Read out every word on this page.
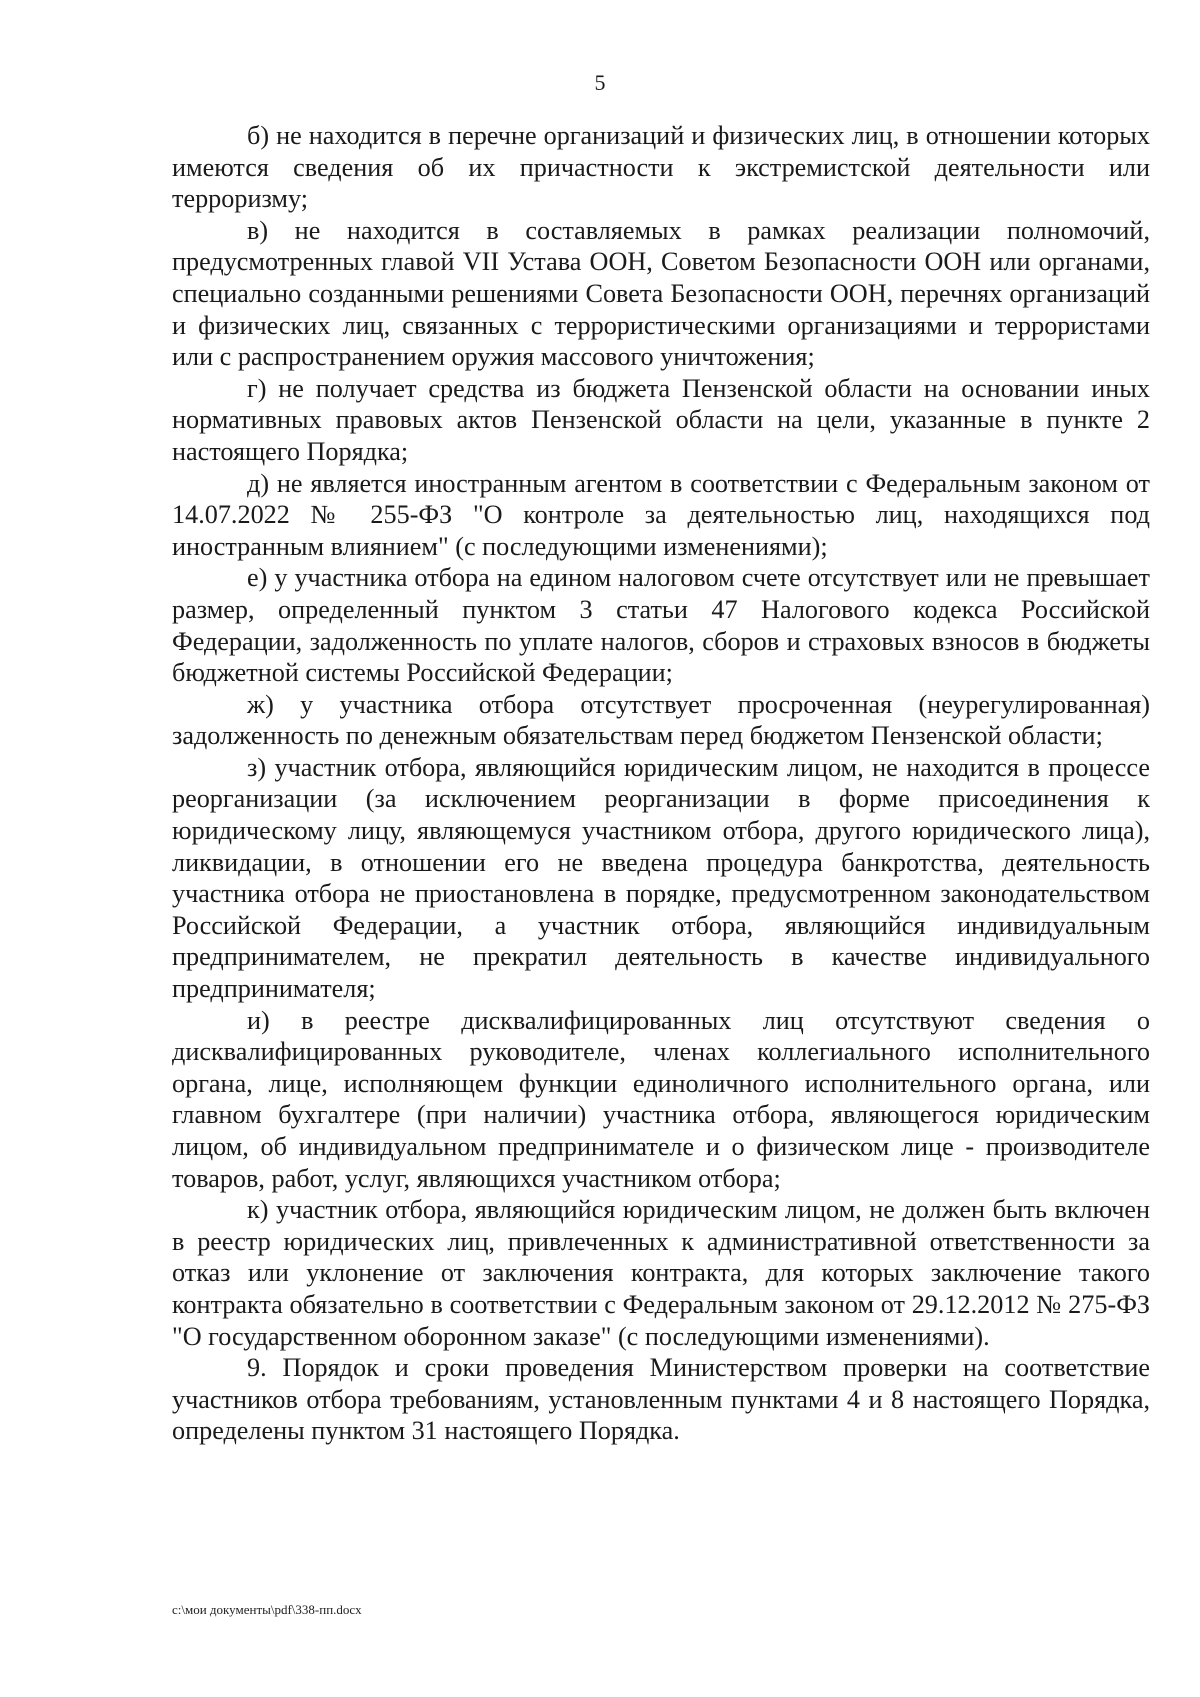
5

б) не находится в перечне организаций и физических лиц, в отношении которых имеются сведения об их причастности к экстремистской деятельности или терроризму;

в) не находится в составляемых в рамках реализации полномочий, предусмотренных главой VII Устава ООН, Советом Безопасности ООН или органами, специально созданными решениями Совета Безопасности ООН, перечнях организаций и физических лиц, связанных с террористическими организациями и террористами или с распространением оружия массового уничтожения;

г) не получает средства из бюджета Пензенской области на основании иных нормативных правовых актов Пензенской области на цели, указанные в пункте 2 настоящего Порядка;

д) не является иностранным агентом в соответствии с Федеральным законом от 14.07.2022 № 255-ФЗ "О контроле за деятельностью лиц, находящихся под иностранным влиянием" (с последующими изменениями);

е) у участника отбора на едином налоговом счете отсутствует или не превышает размер, определенный пунктом 3 статьи 47 Налогового кодекса Российской Федерации, задолженность по уплате налогов, сборов и страховых взносов в бюджеты бюджетной системы Российской Федерации;

ж) у участника отбора отсутствует просроченная (неурегулированная) задолженность по денежным обязательствам перед бюджетом Пензенской области;

з) участник отбора, являющийся юридическим лицом, не находится в процессе реорганизации (за исключением реорганизации в форме присоединения к юридическому лицу, являющемуся участником отбора, другого юридического лица), ликвидации, в отношении его не введена процедура банкротства, деятельность участника отбора не приостановлена в порядке, предусмотренном законодательством Российской Федерации, а участник отбора, являющийся индивидуальным предпринимателем, не прекратил деятельность в качестве индивидуального предпринимателя;

и) в реестре дисквалифицированных лиц отсутствуют сведения о дисквалифицированных руководителе, членах коллегиального исполнительного органа, лице, исполняющем функции единоличного исполнительного органа, или главном бухгалтере (при наличии) участника отбора, являющегося юридическим лицом, об индивидуальном предпринимателе и о физическом лице - производителе товаров, работ, услуг, являющихся участником отбора;

к) участник отбора, являющийся юридическим лицом, не должен быть включен в реестр юридических лиц, привлеченных к административной ответственности за отказ или уклонение от заключения контракта, для которых заключение такого контракта обязательно в соответствии с Федеральным законом от 29.12.2012 № 275-ФЗ "О государственном оборонном заказе" (с последующими изменениями).

9. Порядок и сроки проведения Министерством проверки на соответствие участников отбора требованиям, установленным пунктами 4 и 8 настоящего Порядка, определены пунктом 31 настоящего Порядка.

c:\мои документы\pdf\338-пп.docx
